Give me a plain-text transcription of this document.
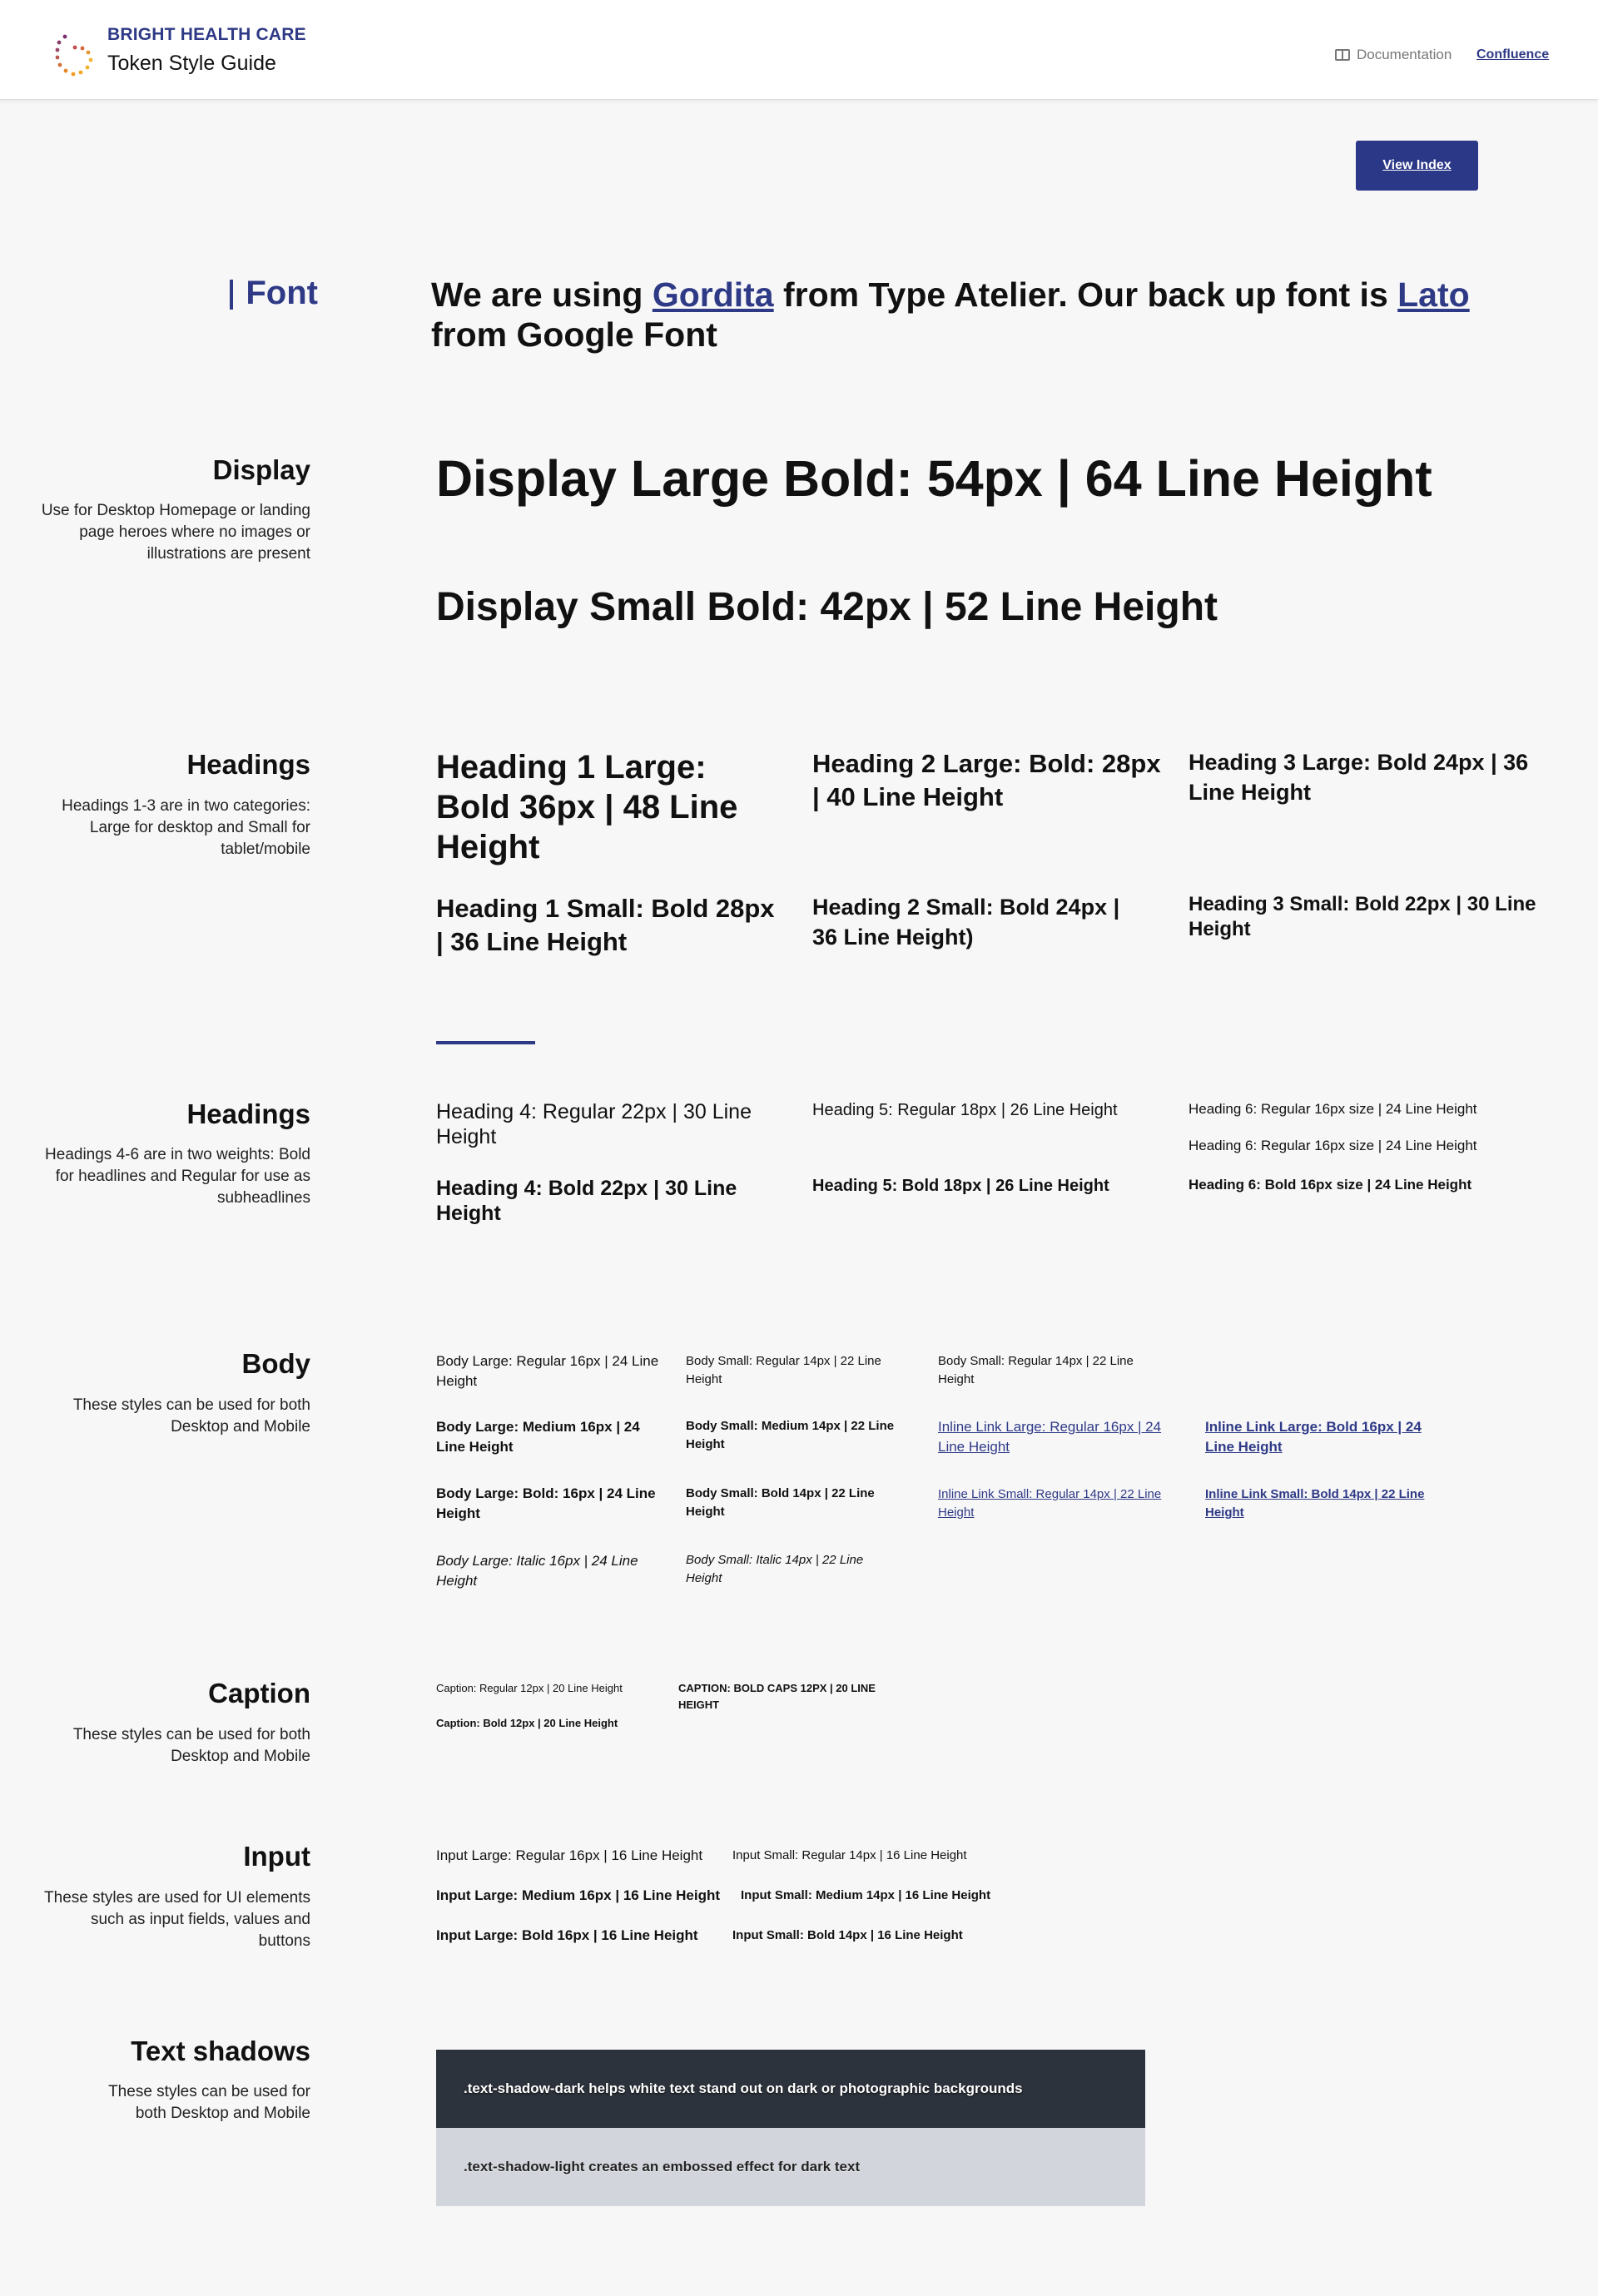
BRIGHT HEALTH CARE
Token Style Guide	Documentation Confluence
View Index
Font	We are using Gordita from Type Atelier. Our back up font is Lato from Google Font
Display
Use for Desktop Homepage or landing page heroes where no images or illustrations are present
Display Large Bold: 54px | 64 Line Height
Display Small Bold: 42px | 52 Line Height
Headings
Headings 1-3 are in two categories: Large for desktop and Small for tablet/mobile
Heading 1 Large: Bold 36px | 48 Line Height
Heading 2 Large: Bold: 28px | 40 Line Height
Heading 3 Large: Bold 24px | 36 Line Height
Heading 1 Small: Bold 28px | 36 Line Height
Heading 2 Small: Bold 24px | 36 Line Height)
Heading 3 Small: Bold 22px | 30 Line Height
Headings
Headings 4-6 are in two weights: Bold for headlines and Regular for use as subheadlines
Heading 4: Regular 22px | 30 Line Height
Heading 4: Bold 22px | 30 Line Height
Heading 5: Regular 18px | 26 Line Height
Heading 5: Bold 18px | 26 Line Height
Heading 6: Regular 16px size | 24 Line Height
Heading 6: Regular 16px size | 24 Line Height
Heading 6: Bold 16px size | 24 Line Height
Body
These styles can be used for both Desktop and Mobile
Body Large: Regular 16px | 24 Line Height
Body Large: Medium 16px | 24 Line Height
Body Large: Bold: 16px | 24 Line Height
Body Large: Italic 16px | 24 Line Height
Body Small: Regular 14px | 22 Line Height
Body Small: Medium 14px | 22 Line Height
Body Small: Bold 14px | 22 Line Height
Body Small: Italic 14px | 22 Line Height
Body Small: Regular 14px | 22 Line Height
Inline Link Large: Regular 16px | 24 Line Height
Inline Link Small: Regular 14px | 22 Line Height
Inline Link Large: Bold 16px | 24 Line Height
Inline Link Small: Bold 14px | 22 Line Height
Caption
These styles can be used for both Desktop and Mobile
Caption: Regular 12px | 20 Line Height
Caption: Bold 12px | 20 Line Height
CAPTION: BOLD CAPS 12PX | 20 LINE HEIGHT
Input
These styles are used for UI elements such as input fields, values and buttons
Input Large: Regular 16px | 16 Line Height
Input Large: Medium 16px | 16 Line Height
Input Large: Bold 16px | 16 Line Height
Input Small: Regular 14px | 16 Line Height
Input Small: Medium 14px | 16 Line Height
Input Small: Bold 14px | 16 Line Height
Text shadows
These styles can be used for both Desktop and Mobile
.text-shadow-dark helps white text stand out on dark or photographic backgrounds
.text-shadow-light creates an embossed effect for dark text
